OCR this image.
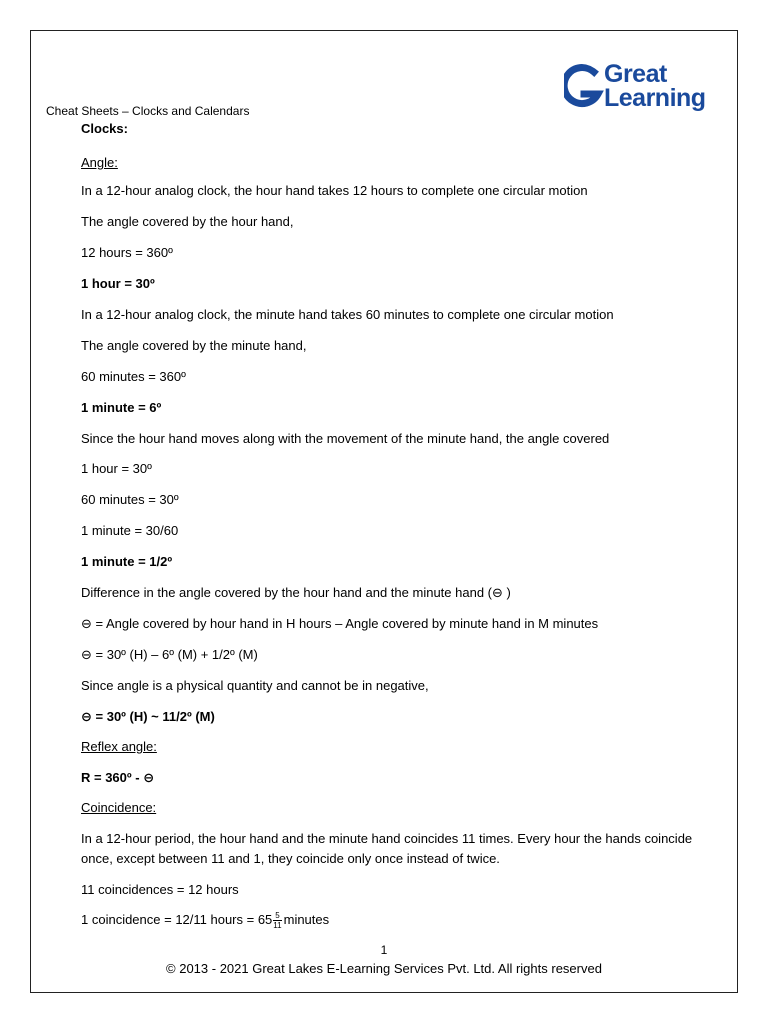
Great
Learning
Cheat Sheets – Clocks and Calendars
Clocks:
Angle:
In a 12-hour analog clock, the hour hand takes 12 hours to complete one circular motion
The angle covered by the hour hand,
12 hours = 360º
1 hour = 30º
In a 12-hour analog clock, the minute hand takes 60 minutes to complete one circular motion
The angle covered by the minute hand,
60 minutes = 360º
1 minute = 6º
Since the hour hand moves along with the movement of the minute hand, the angle covered
1 hour = 30º
60 minutes = 30º
1 minute = 30/60
1 minute = 1/2º
Difference in the angle covered by the hour hand and the minute hand (⊖ )
⊖ = Angle covered by hour hand in H hours – Angle covered by minute hand in M minutes
⊖ = 30º (H) – 6º (M) + 1/2º (M)
Since angle is a physical quantity and cannot be in negative,
⊖ = 30º (H) ~ 11/2º (M)
Reflex angle:
R = 360º - ⊖
Coincidence:
In a 12-hour period, the hour hand and the minute hand coincides 11 times. Every hour the hands coincide once, except between 11 and 1, they coincide only once instead of twice.
11 coincidences = 12 hours
1 coincidence = 12/11 hours = $65 \frac{5}{11}$ minutes
1
© 2013 - 2021 Great Lakes E-Learning Services Pvt. Ltd. All rights reserved
